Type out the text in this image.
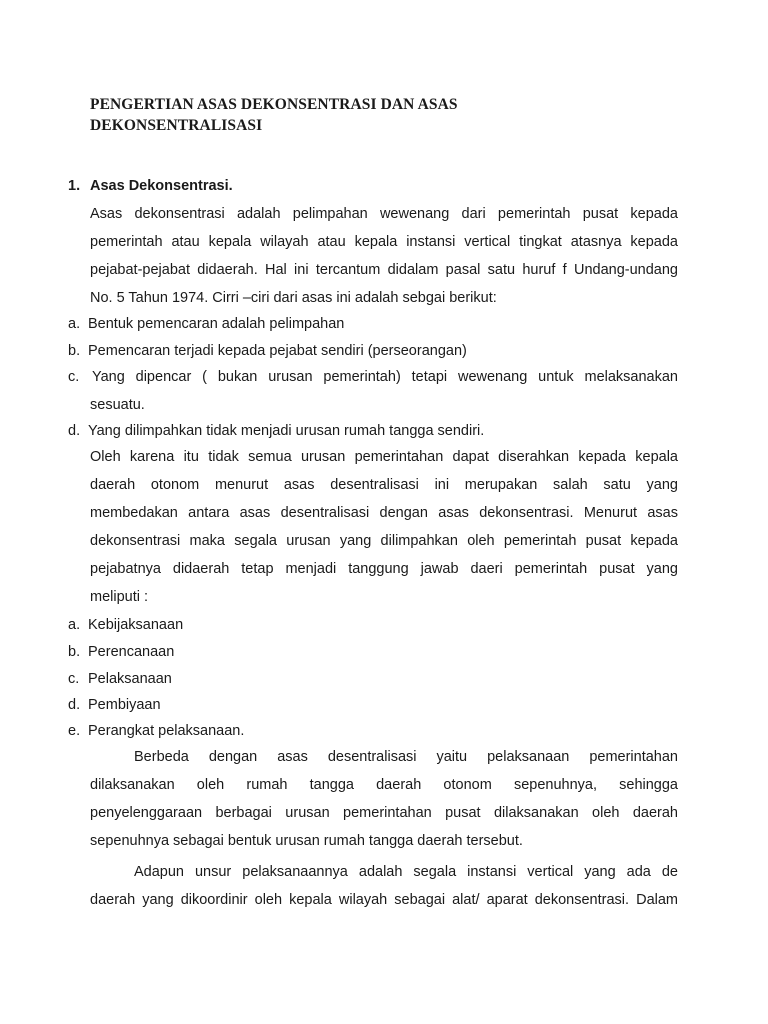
PENGERTIAN ASAS DEKONSENTRASI DAN ASAS
DEKONSENTRALISASI
1. Asas Dekonsentrasi.
Asas dekonsentrasi adalah pelimpahan wewenang dari pemerintah pusat kepada
pemerintah atau kepala wilayah atau kepala instansi vertical tingkat atasnya kepada
pejabat-pejabat didaerah. Hal ini tercantum didalam pasal satu huruf f Undang-undang
No. 5 Tahun 1974. Cirri –ciri dari asas ini adalah sebgai berikut:
a. Bentuk pemencaran adalah pelimpahan
b. Pemencaran terjadi kepada pejabat sendiri (perseorangan)
c. Yang dipencar ( bukan urusan pemerintah) tetapi wewenang untuk melaksanakan
sesuatu.
d. Yang dilimpahkan tidak menjadi urusan rumah tangga sendiri.
Oleh karena itu tidak semua urusan pemerintahan dapat diserahkan kepada kepala
daerah otonom menurut asas desentralisasi ini merupakan salah satu yang
membedakan antara asas desentralisasi dengan asas dekonsentrasi. Menurut asas
dekonsentrasi maka segala urusan yang dilimpahkan oleh pemerintah pusat kepada
pejabatnya didaerah tetap menjadi tanggung jawab daeri pemerintah pusat yang
meliputi :
a. Kebijaksanaan
b. Perencanaan
c. Pelaksanaan
d. Pembiyaan
e. Perangkat pelaksanaan.
Berbeda dengan asas desentralisasi yaitu pelaksanaan pemerintahan
dilaksanakan oleh rumah tangga daerah otonom sepenuhnya, sehingga
penyelenggaraan berbagai urusan pemerintahan pusat dilaksanakan oleh daerah
sepenuhnya sebagai bentuk urusan rumah tangga daerah tersebut.
Adapun unsur pelaksanaannya adalah segala instansi vertical yang ada de
daerah yang dikoordinir oleh kepala wilayah sebagai alat/ aparat dekonsentrasi. Dalam
